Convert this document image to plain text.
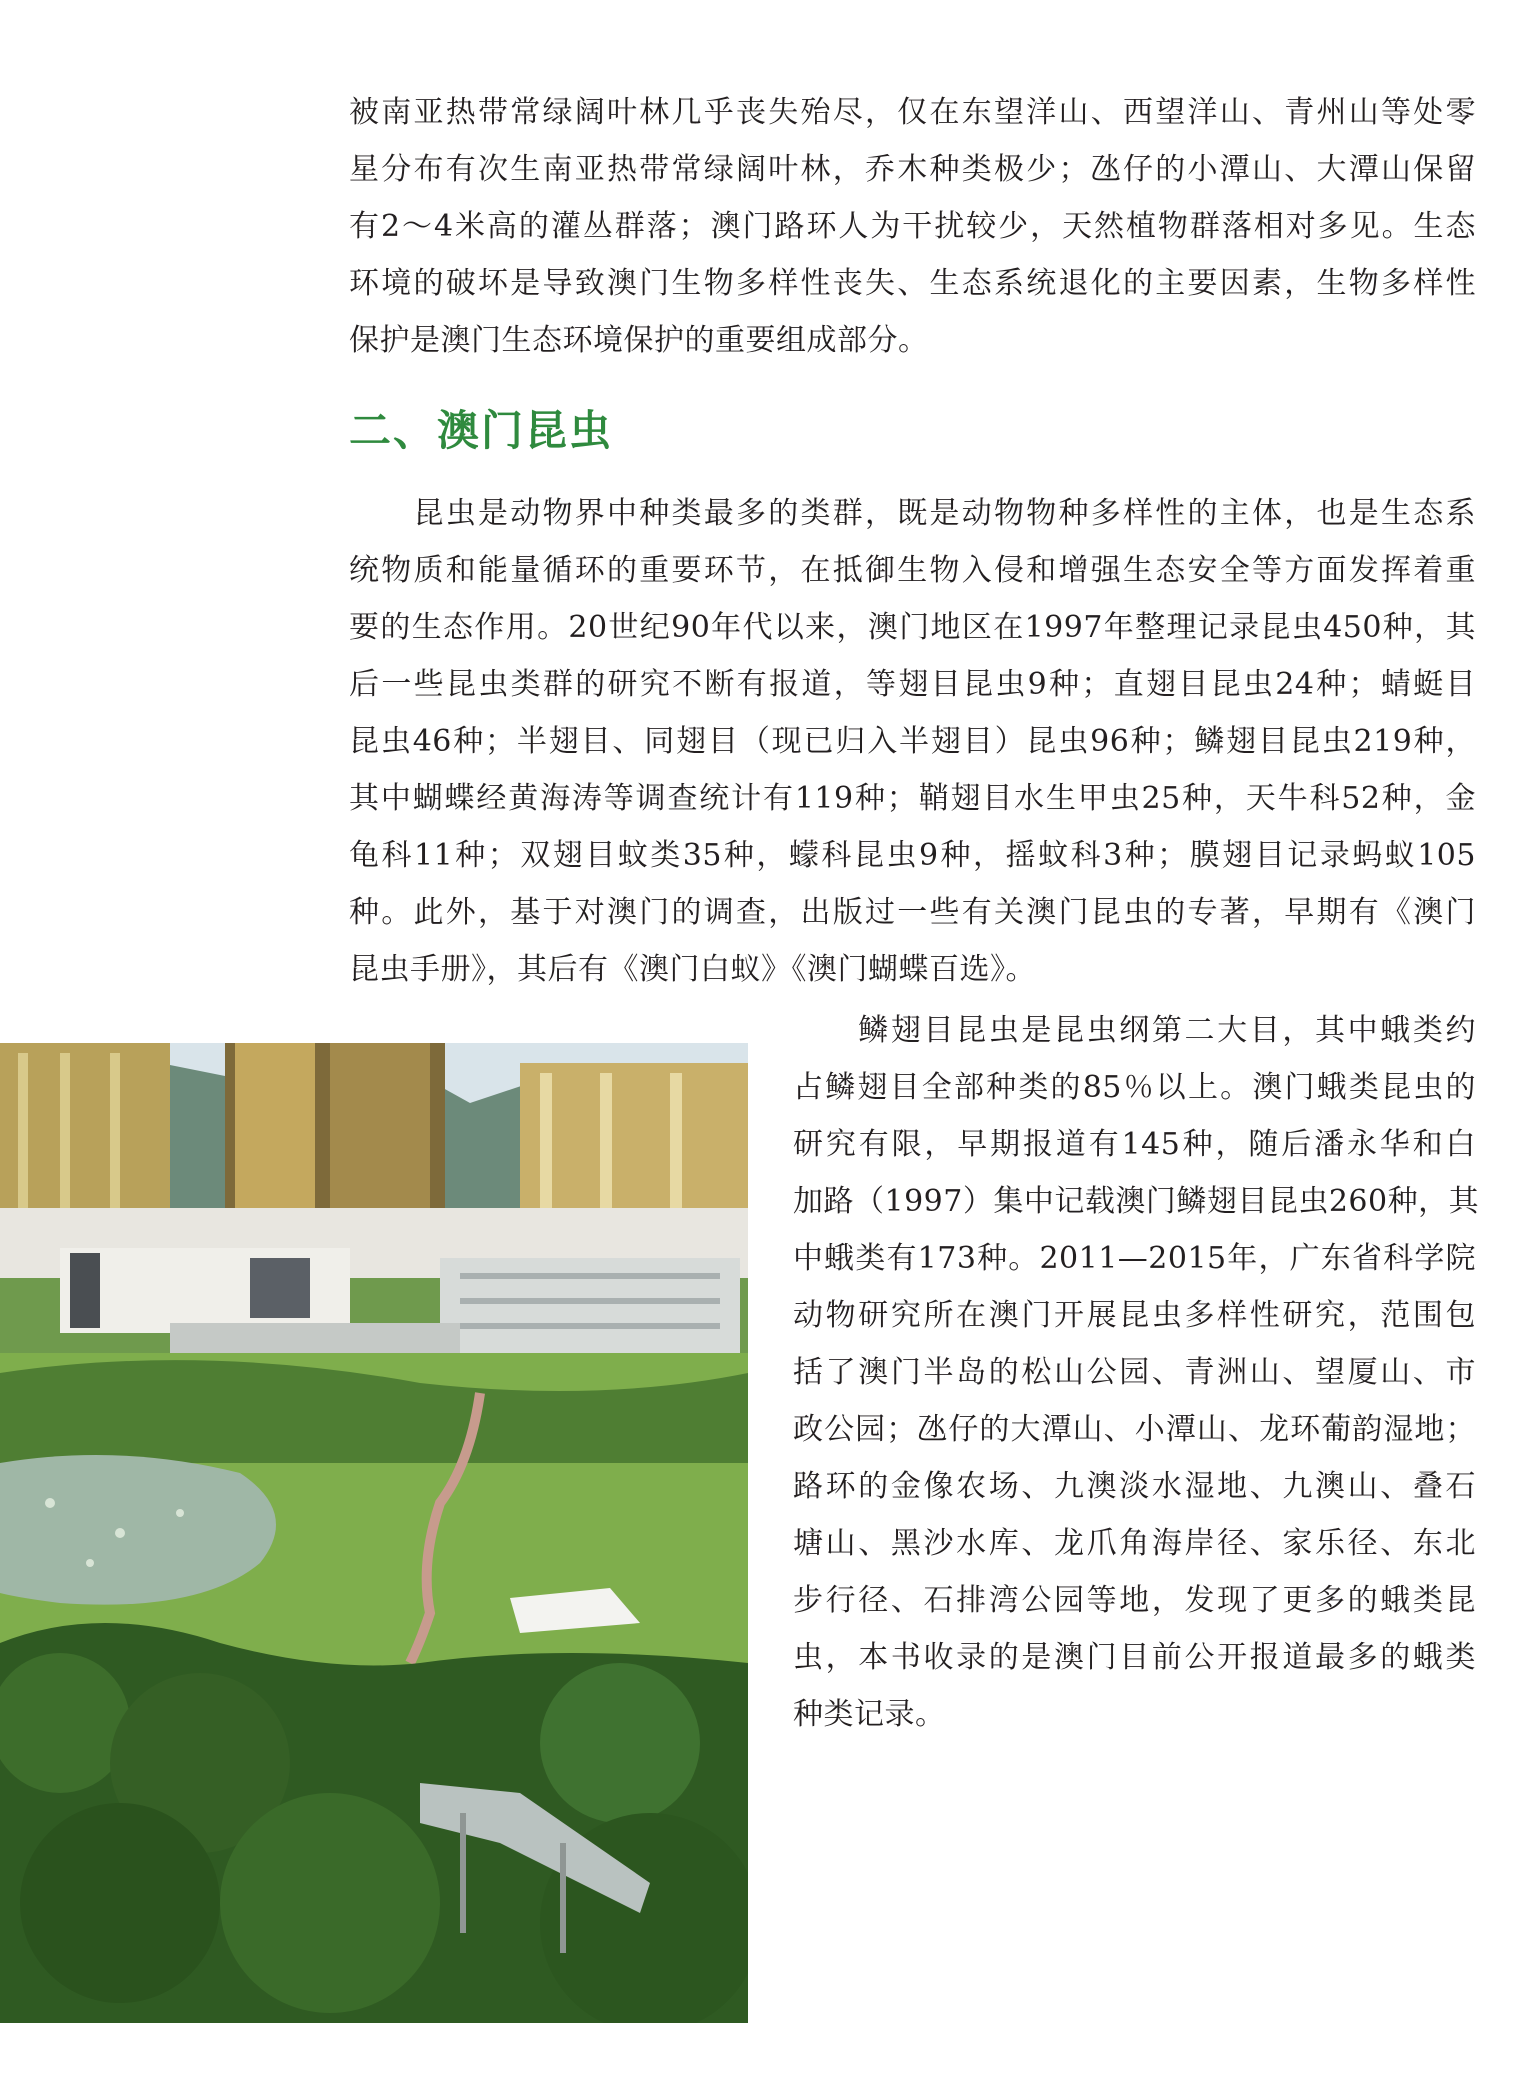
被南亚热带常绿阔叶林几乎丧失殆尽，仅在东望洋山、西望洋山、青州山等处零
星分布有次生南亚热带常绿阔叶林，乔木种类极少；氹仔的小潭山、大潭山保留
有2～4米高的灌丛群落；澳门路环人为干扰较少，天然植物群落相对多见。生态
环境的破坏是导致澳门生物多样性丧失、生态系统退化的主要因素，生物多样性
保护是澳门生态环境保护的重要组成部分。

二、澳门昆虫

　　昆虫是动物界中种类最多的类群，既是动物物种多样性的主体，也是生态系
统物质和能量循环的重要环节，在抵御生物入侵和增强生态安全等方面发挥着重
要的生态作用。20世纪90年代以来，澳门地区在1997年整理记录昆虫450种，其
后一些昆虫类群的研究不断有报道，等翅目昆虫9种；直翅目昆虫24种；蜻蜓目
昆虫46种；半翅目、同翅目（现已归入半翅目）昆虫96种；鳞翅目昆虫219种，
其中蝴蝶经黄海涛等调查统计有119种；鞘翅目水生甲虫25种，天牛科52种，金
龟科11种；双翅目蚊类35种，蠓科昆虫9种，摇蚊科3种；膜翅目记录蚂蚁105
种。此外，基于对澳门的调查，出版过一些有关澳门昆虫的专著，早期有《澳门
昆虫手册》，其后有《澳门白蚁》《澳门蝴蝶百选》。

　　鳞翅目昆虫是昆虫纲第二大目，其中蛾类约
占鳞翅目全部种类的85％以上。澳门蛾类昆虫的
研究有限，早期报道有145种，随后潘永华和白
加路（1997）集中记载澳门鳞翅目昆虫260种，其
中蛾类有173种。2011—2015年，广东省科学院
动物研究所在澳门开展昆虫多样性研究，范围包
括了澳门半岛的松山公园、青洲山、望厦山、市
政公园；氹仔的大潭山、小潭山、龙环葡韵湿地；
路环的金像农场、九澳淡水湿地、九澳山、叠石
塘山、黑沙水库、龙爪角海岸径、家乐径、东北
步行径、石排湾公园等地，发现了更多的蛾类昆
虫，本书收录的是澳门目前公开报道最多的蛾类
种类记录。
